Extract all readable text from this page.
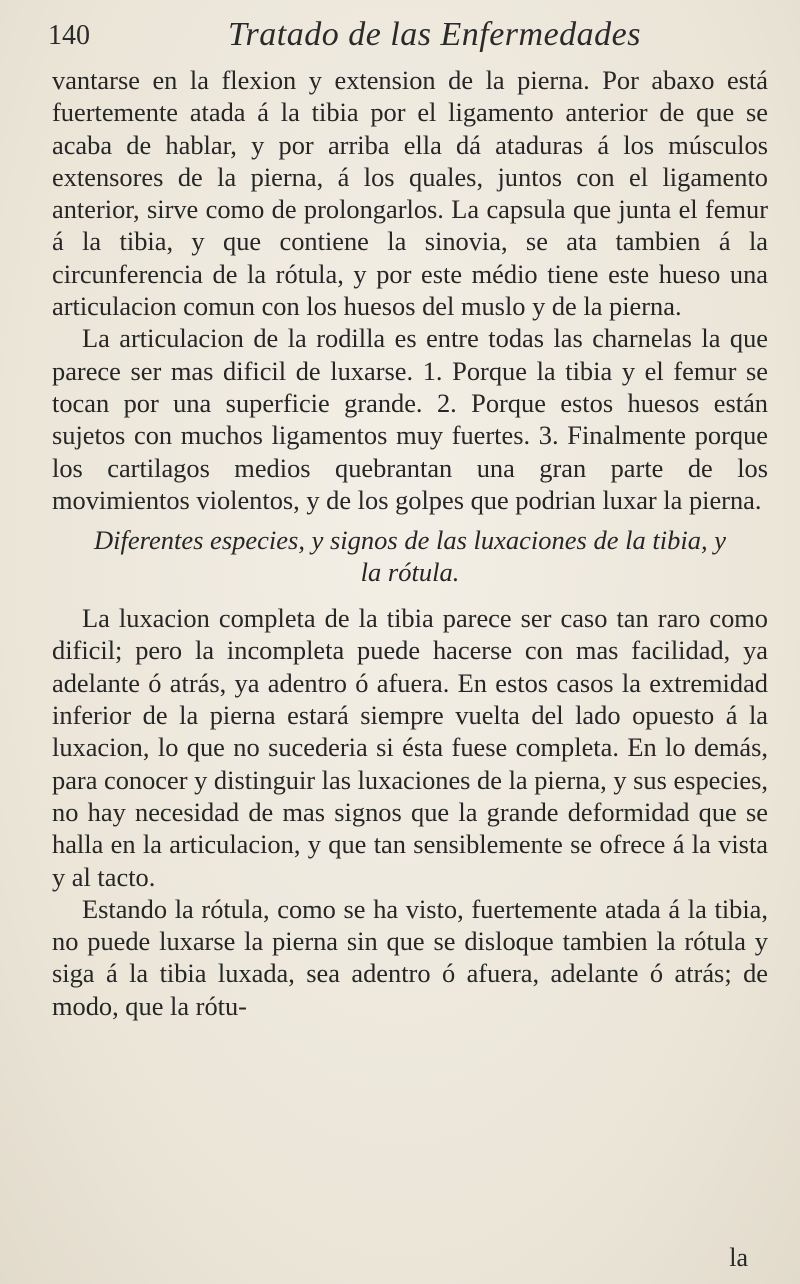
140	Tratado de las Enfermedades

vantarse en la flexion y extension de la pierna. Por abaxo está fuertemente atada á la tibia por el ligamento anterior de que se acaba de hablar, y por arriba ella dá ataduras á los músculos extensores de la pierna, á los quales, juntos con el ligamento anterior, sirve como de prolongarlos. La capsula que junta el femur á la tibia, y que contiene la sinovia, se ata tambien á la circunferencia de la rótula, y por este médio tiene este hueso una articulacion comun con los huesos del muslo y de la pierna.

La articulacion de la rodilla es entre todas las charnelas la que parece ser mas dificil de luxarse. 1. Porque la tibia y el femur se tocan por una superficie grande. 2. Porque estos huesos están sujetos con muchos ligamentos muy fuertes. 3. Finalmente porque los cartilagos medios quebrantan una gran parte de los movimientos violentos, y de los golpes que podrian luxar la pierna.

Diferentes especies, y signos de las luxaciones de la tibia, y la rótula.

La luxacion completa de la tibia parece ser caso tan raro como dificil; pero la incompleta puede hacerse con mas facilidad, ya adelante ó atrás, ya adentro ó afuera. En estos casos la extremidad inferior de la pierna estará siempre vuelta del lado opuesto á la luxacion, lo que no sucederia si ésta fuese completa. En lo demás, para conocer y distinguir las luxaciones de la pierna, y sus especies, no hay necesidad de mas signos que la grande deformidad que se halla en la articulacion, y que tan sensiblemente se ofrece á la vista y al tacto.

Estando la rótula, como se ha visto, fuertemente atada á la tibia, no puede luxarse la pierna sin que se disloque tambien la rótula y siga á la tibia luxada, sea adentro ó afuera, adelante ó atrás; de modo, que la rótu-

la
